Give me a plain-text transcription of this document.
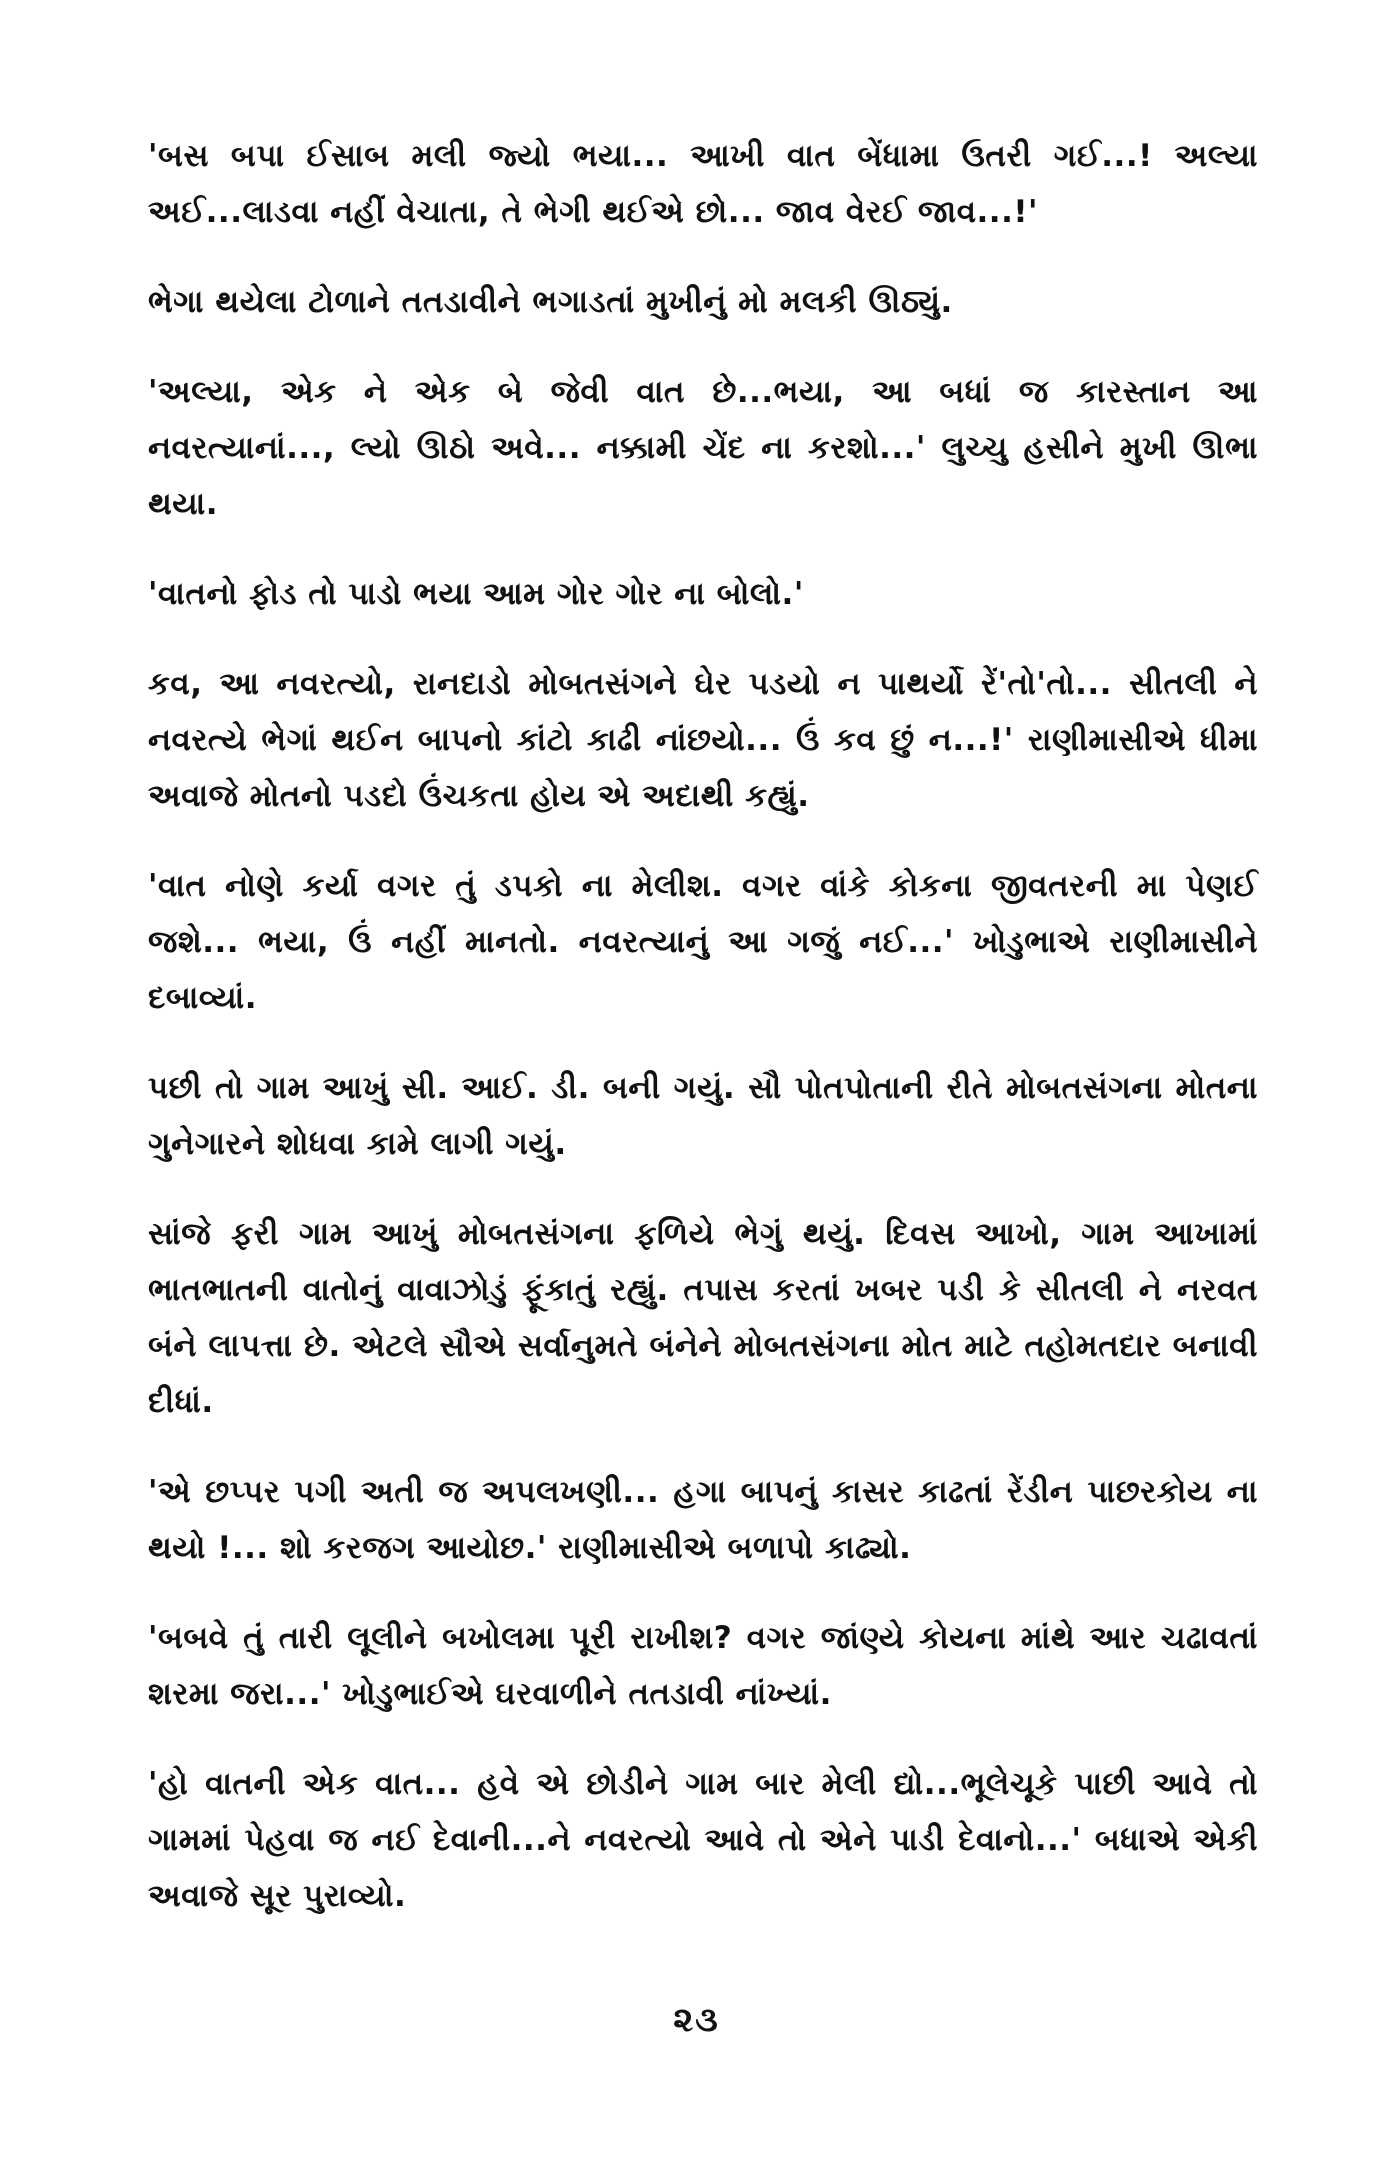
'બસ બપા ઈસાબ મલી જ્યો ભયા... આખી વાત બેંધામા ઉતરી ગઈ...! અલ્યા અઈ...લાડવા નહીં વેચાતા, તે ભેગી થઈએ છો... જાવ વેરઈ જાવ...!'

ભેગા થયેલા ટોળાને તતડાવીને ભગાડતાં મુખીનું મો મલકી ઊઠ્યું.

'અલ્યા, એક ને એક બે જેવી વાત છે...ભયા, આ બધાં જ કારસ્તાન આ નવરત્યાનાં..., લ્યો ઊઠો અવે... નક્કામી ચેંદ ના કરશો...' લુચ્ચુ હસીને મુખી ઊભા થયા.

'વાતનો ફોડ તો પાડો ભયા આમ ગોર ગોર ના બોલો.'

કવ, આ નવરત્યો, રાનદાડો મોબતસંગને ઘેર પડયો ન પાથર્યો રેં'તો'તો... સીતલી ને નવરત્યે ભેગાં થઈન બાપનો કાંટો કાઢી નાંછયો... ઉં કવ છું ન...!' રાણીમાસીએ ધીમા અવાજે મોતનો પડદો ઉંચકતા હોય એ અદાથી કહ્યું.

'વાત નોણે કર્યા વગર તું ડપકો ના મેલીશ. વગર વાંકે કોકના જીવતરની મા પેણઈ જશે... ભયા, ઉં નહીં માનતો. નવરત્યાનું આ ગજું નઈ...' ખોડુભાએ રાણીમાસીને દબાવ્યાં.

પછી તો ગામ આખું સી. આઈ. ડી. બની ગયું. સૌ પોતપોતાની રીતે મોબતસંગના મોતના ગુનેગારને શોધવા કામે લાગી ગયું.

સાંજે ફરી ગામ આખું મોબતસંગના ફળિયે ભેગું થયું. દિવસ આખો, ગામ આખામાં ભાતભાતની વાતોનું વાવાઝોડું ફૂંકાતું રહ્યું. તપાસ કરતાં ખબર પડી કે સીતલી ને નરવત બંને લાપત્તા છે. એટલે સૌએ સર્વાનુમતે બંનેને મોબતસંગના મોત માટે તહોમતદાર બનાવી દીધાં.

'એ છપ્પર પગી અતી જ અપલખણી... હગા બાપનું કાસર કાઢતાં રેંડીન પાછરકોય ના થયો !... શો કરજગ આયોછ.' રાણીમાસીએ બળાપો કાઢ્યો.

'બબવે તું તારી લૂલીને બખોલમા પૂરી રાખીશ? વગર જાંણ્યે કોયના માંથે આર ચઢાવતાં શરમા જરા...' ખોડુભાઈએ ઘરવાળીને તતડાવી નાંખ્યાં.

'હો વાતની એક વાત... હવે એ છોડીને ગામ બાર મેલી દ્યો...ભૂલેચૂકે પાછી આવે તો ગામમાં પેહવા જ નઈ દેવાની...ને નવરત્યો આવે તો એને પાડી દેવાનો...' બધાએ એકી અવાજે સૂર પુરાવ્યો.

૨૩
